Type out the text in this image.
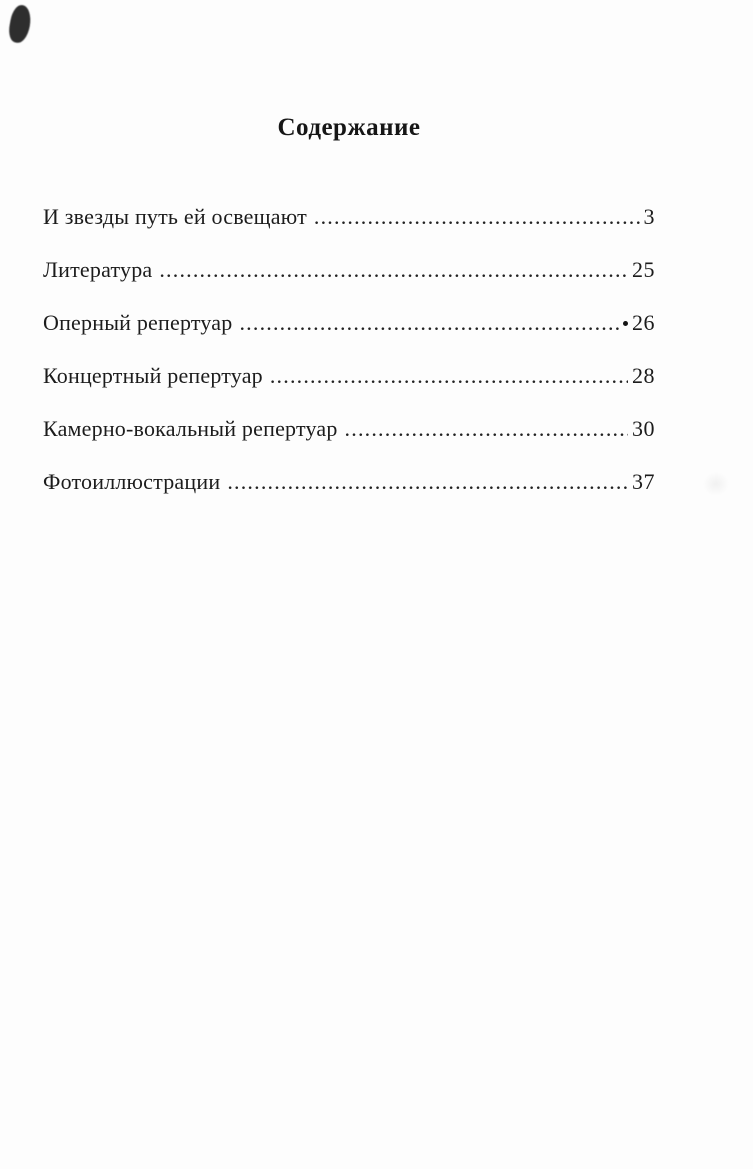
Содержание
И звезды путь ей освещают .....	3
Литература .....	25
Оперный репертуар .....	26
Концертный репертуар .....	28
Камерно-вокальный репертуар .....	30
Фотоиллюстрации .....	37
